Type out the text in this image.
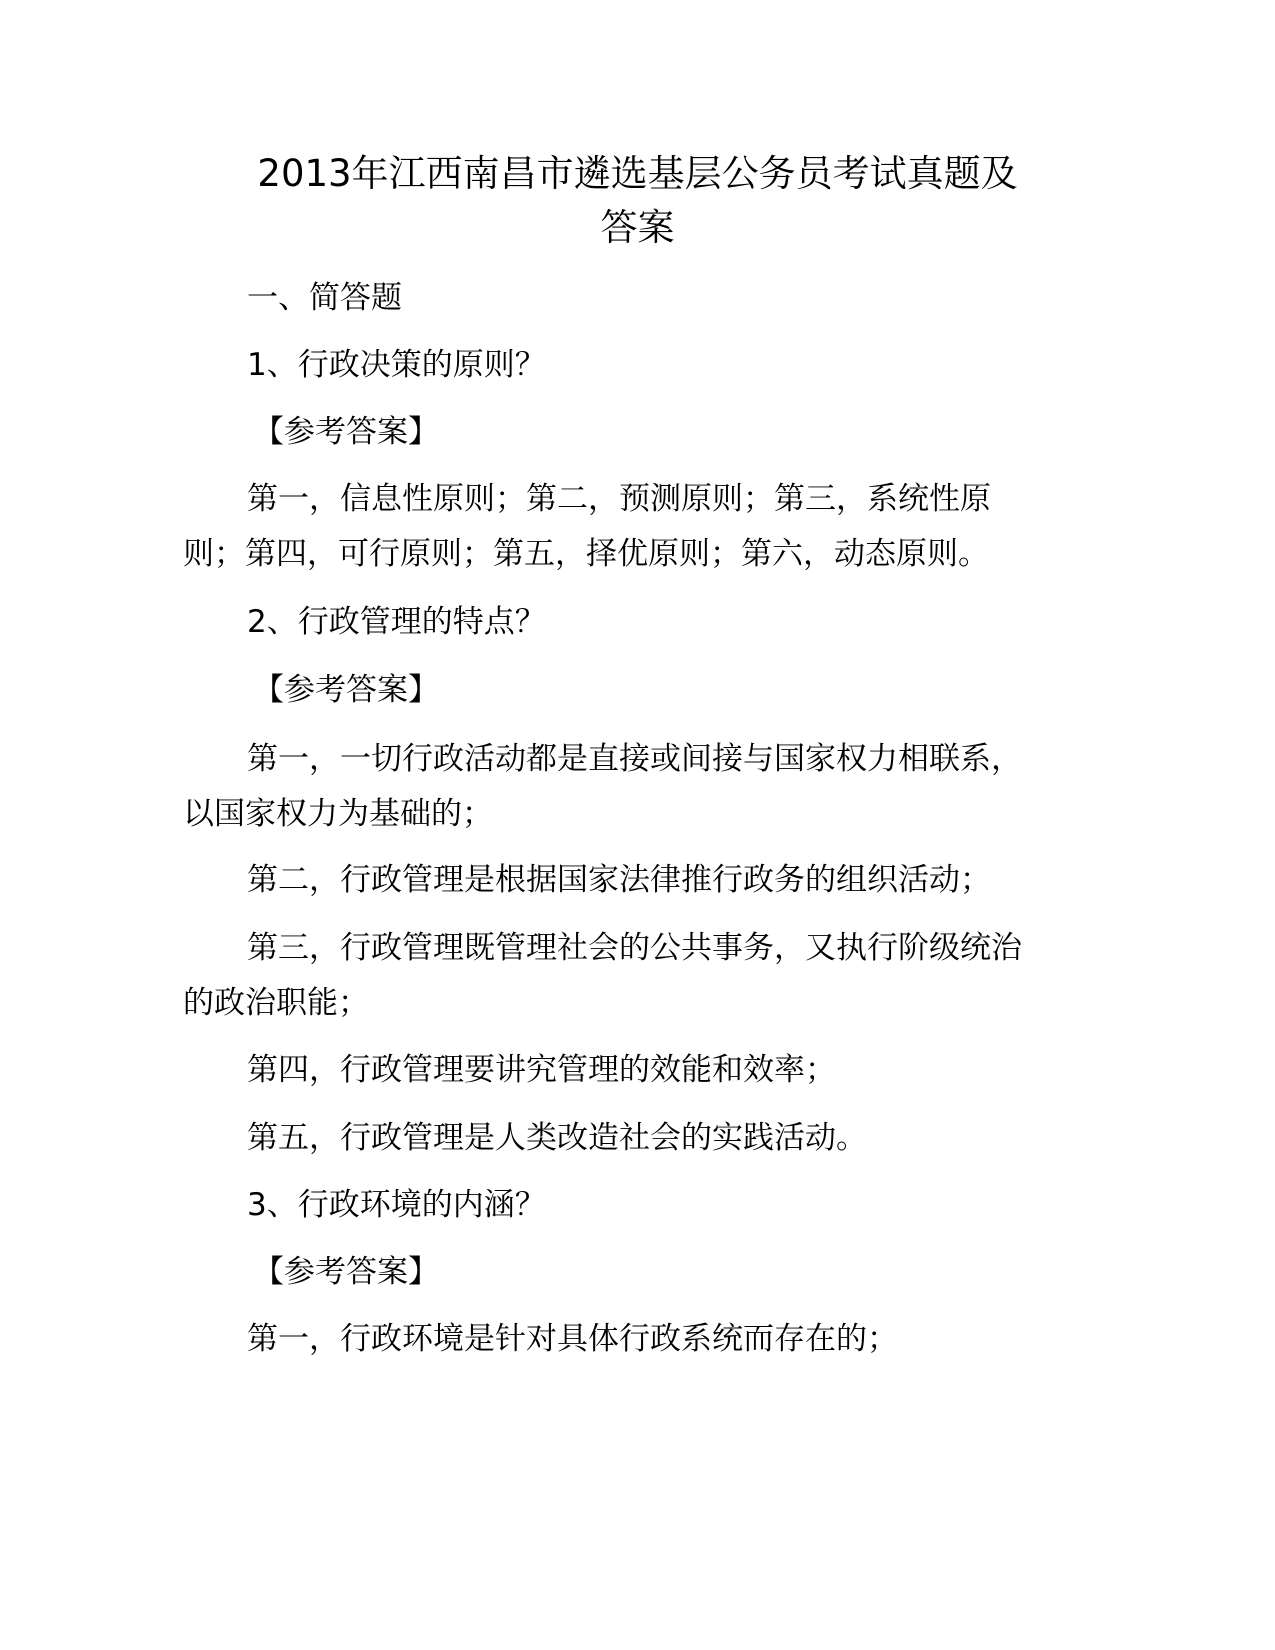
2013年江西南昌市遴选基层公务员考试真题及
答案

一、简答题

1、行政决策的原则？

【参考答案】

第一，信息性原则；第二，预测原则；第三，系统性原

则；第四，可行原则；第五，择优原则；第六，动态原则。

2、行政管理的特点？

【参考答案】

第一，一切行政活动都是直接或间接与国家权力相联系，

以国家权力为基础的；

第二，行政管理是根据国家法律推行政务的组织活动；

第三，行政管理既管理社会的公共事务，又执行阶级统治

的政治职能；

第四，行政管理要讲究管理的效能和效率；

第五，行政管理是人类改造社会的实践活动。

3、行政环境的内涵？

【参考答案】

第一，行政环境是针对具体行政系统而存在的；
